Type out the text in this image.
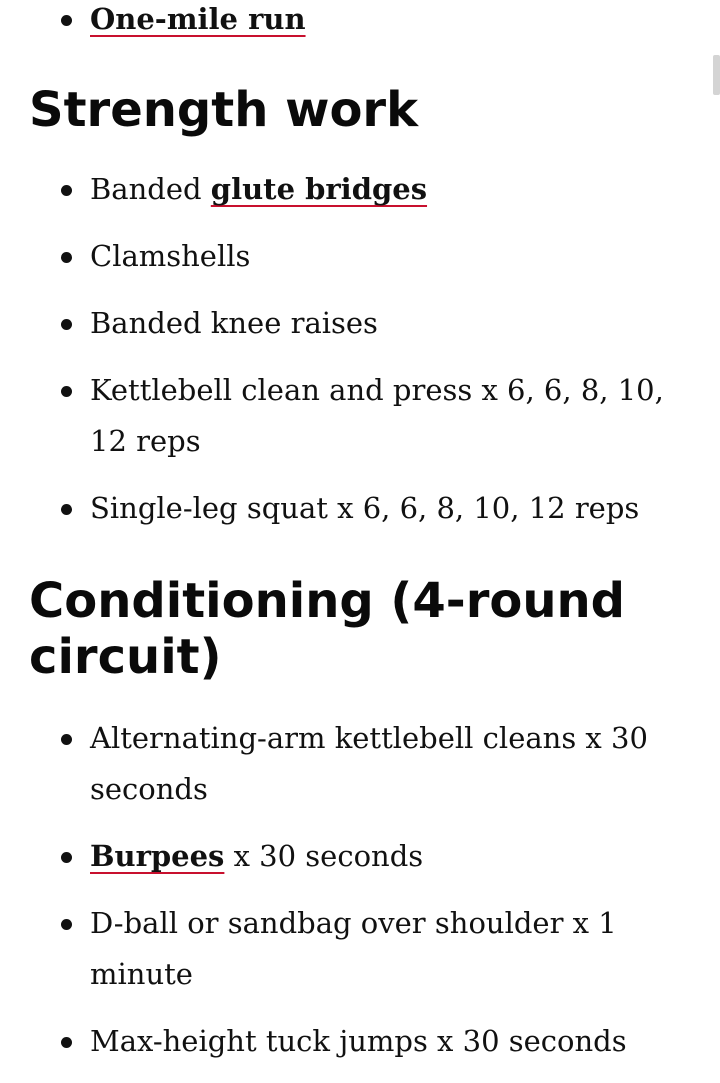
One-mile run
Strength work
Banded glute bridges
Clamshells
Banded knee raises
Kettlebell clean and press x 6, 6, 8, 10, 12 reps
Single-leg squat x 6, 6, 8, 10, 12 reps
Conditioning (4-round circuit)
Alternating-arm kettlebell cleans x 30 seconds
Burpees x 30 seconds
D-ball or sandbag over shoulder x 1 minute
Max-height tuck jumps x 30 seconds
